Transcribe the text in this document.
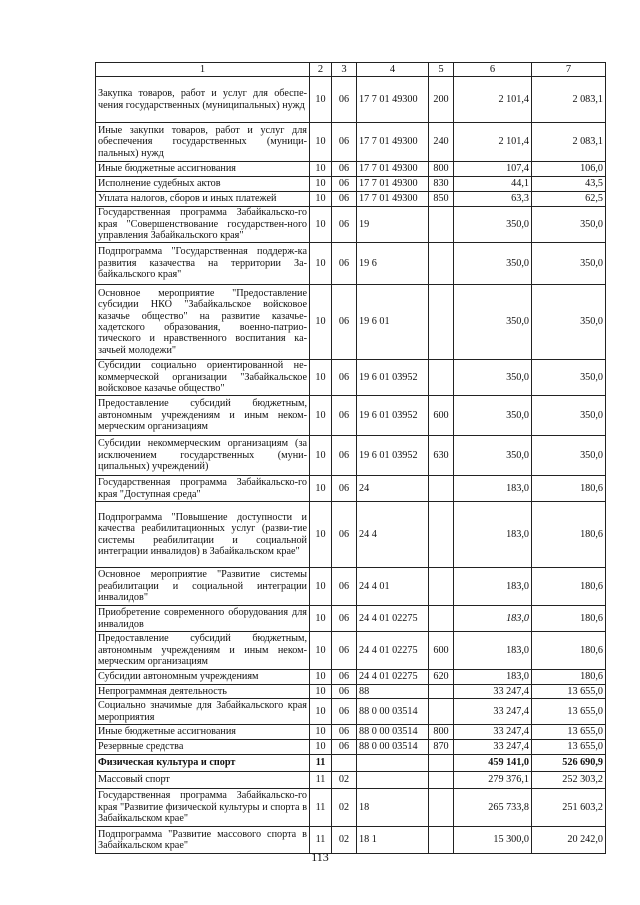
1	2	3	4	5	6	7
Закупка товаров, работ и услуг для обеспе-чения государственных (муниципальных) нужд	10	06	17 7 01 49300	200	2 101,4	2 083,1
Иные закупки товаров, работ и услуг для обеспечения государственных (муници-пальных) нужд	10	06	17 7 01 49300	240	2 101,4	2 083,1
Иные бюджетные ассигнования	10	06	17 7 01 49300	800	107,4	106,0
Исполнение судебных актов	10	06	17 7 01 49300	830	44,1	43,5
Уплата налогов, сборов и иных платежей	10	06	17 7 01 49300	850	63,3	62,5
Государственная программа Забайкальско-го края "Совершенствование государствен-ного управления Забайкальского края"	10	06	19		350,0	350,0
Подпрограмма "Государственная поддерж-ка развития казачества на территории За-байкальского края"	10	06	19 6		350,0	350,0
Основное мероприятие "Предоставление субсидии НКО "Забайкальское войсковое казачье общество" на развитие казачье-хадетского образования, военно-патрио-тического и нравственного воспитания ка-зачьей молодежи"	10	06	19 6 01		350,0	350,0
Субсидии социально ориентированной не-коммерческой организации "Забайкальское войсковое казачье общество"	10	06	19 6 01 03952		350,0	350,0
Предоставление субсидий бюджетным, автономным учреждениям и иным неком-мерческим организациям	10	06	19 6 01 03952	600	350,0	350,0
Субсидии некоммерческим организациям (за исключением государственных (муни-ципальных) учреждений)	10	06	19 6 01 03952	630	350,0	350,0
Государственная программа Забайкальско-го края "Доступная среда"	10	06	24		183,0	180,6
Подпрограмма "Повышение доступности и качества реабилитационных услуг (разви-тие системы реабилитации и социальной интеграции инвалидов) в Забайкальском крае"	10	06	24 4		183,0	180,6
Основное мероприятие "Развитие системы реабилитации и социальной интеграции инвалидов"	10	06	24 4 01		183,0	180,6
Приобретение современного оборудования для инвалидов	10	06	24 4 01 02275		183,0	180,6
Предоставление субсидий бюджетным, автономным учреждениям и иным неком-мерческим организациям	10	06	24 4 01 02275	600	183,0	180,6
Субсидии автономным учреждениям	10	06	24 4 01 02275	620	183,0	180,6
Непрограммная деятельность	10	06	88		33 247,4	13 655,0
Социально значимые для Забайкальского края мероприятия	10	06	88 0 00 03514		33 247,4	13 655,0
Иные бюджетные ассигнования	10	06	88 0 00 03514	800	33 247,4	13 655,0
Резервные средства	10	06	88 0 00 03514	870	33 247,4	13 655,0
Физическая культура и спорт	11				459 141,0	526 690,9
Массовый спорт	11	02			279 376,1	252 303,2
Государственная программа Забайкальско-го края "Развитие физической культуры и спорта в Забайкальском крае"	11	02	18		265 733,8	251 603,2
Подпрограмма "Развитие массового спорта в Забайкальском крае"	11	02	18 1		15 300,0	20 242,0
113
